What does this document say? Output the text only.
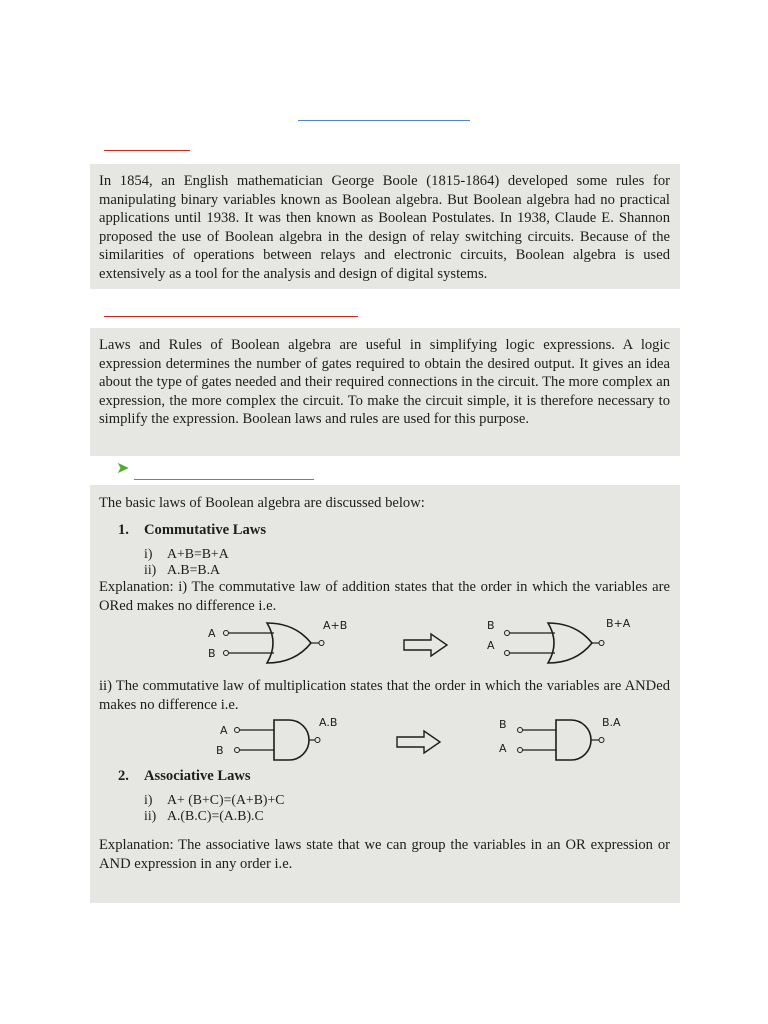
➤

In 1854, an English mathematician George Boole (1815-1864) developed some rules for manipulating binary variables known as Boolean algebra. But Boolean algebra had no practical applications until 1938. It was then known as Boolean Postulates. In 1938, Claude E. Shannon proposed the use of Boolean algebra in the design of relay switching circuits. Because of the similarities of operations between relays and electronic circuits, Boolean algebra is used extensively as a tool for the analysis and design of digital systems.

Laws and Rules of Boolean algebra are useful in simplifying logic expressions. A logic expression determines the number of gates required to obtain the desired output. It gives an idea about the type of gates needed and their required connections in the circuit. The more complex an expression, the more complex the circuit. To make the circuit simple, it is therefore necessary to simplify the expression. Boolean laws and rules are used for this purpose.

The basic laws of Boolean algebra are discussed below:

1. Commutative Laws
i) A+B=B+A
ii) A.B=B.A

Explanation: i) The commutative law of addition states that the order in which the variables are ORed makes no difference i.e.

A
B
A+B	B
A
B+A

ii) The commutative law of multiplication states that the order in which the variables are ANDed makes no difference i.e.

A
B
A.B	B
A
B.A
2. Associative Laws
i) A+ (B+C)=(A+B)+C
ii) A.(B.C)=(A.B).C

Explanation: The associative laws state that we can group the variables in an OR expression or AND expression in any order i.e.
